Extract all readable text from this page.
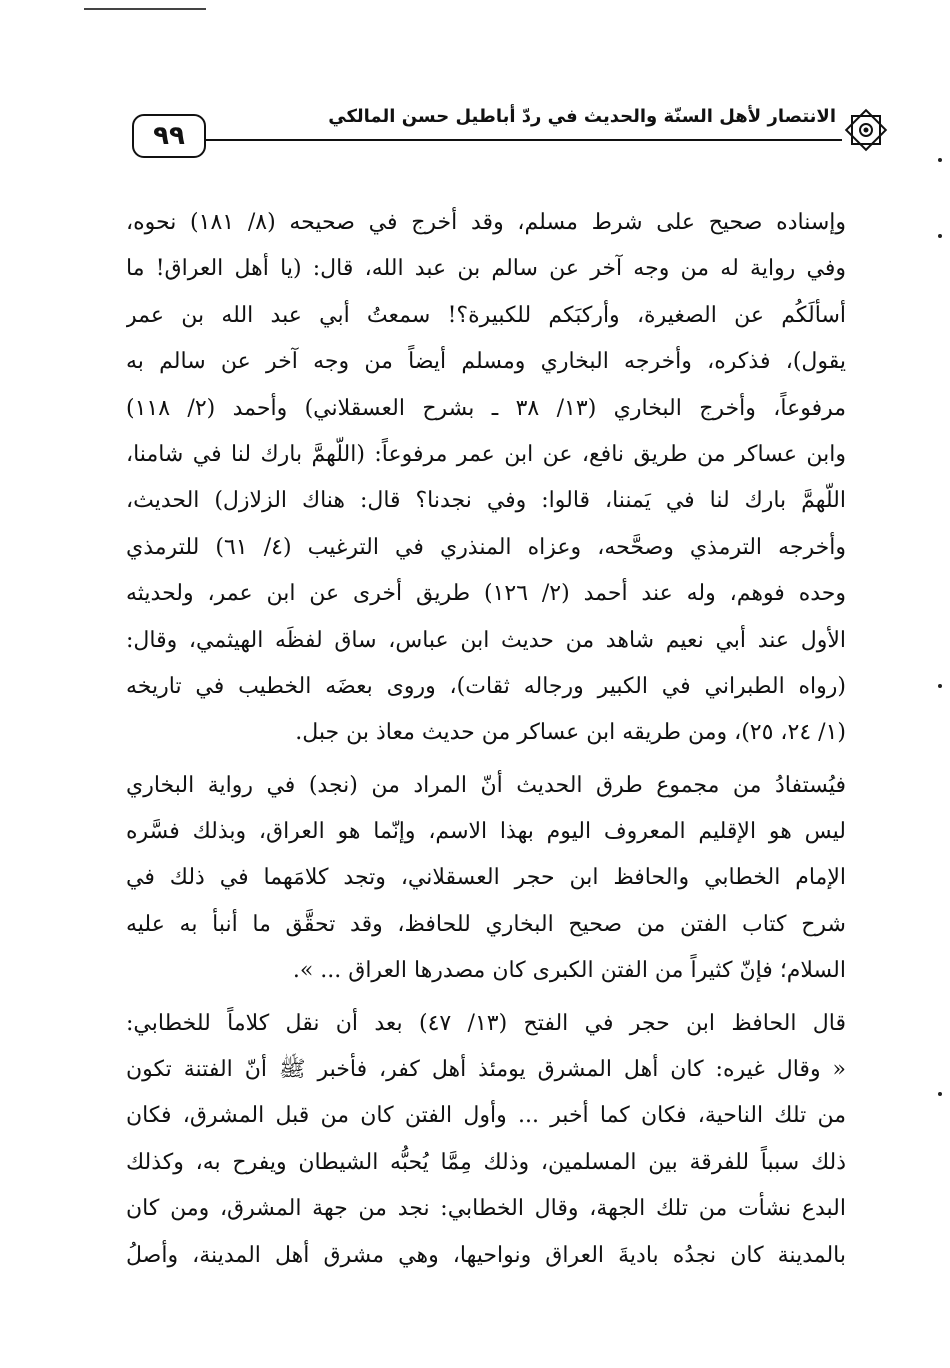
٩٩
الانتصار لأهل السنّة والحديث في ردّ أباطيل حسن المالكي
وإسناده صحيح على شرط مسلم، وقد أخرج في صحيحه (٨/ ١٨١) نحوه،
وفي رواية له من وجه آخر عن سالم بن عبد الله، قال: (يا أهل العراق! ما
أسألَكُم عن الصغيرة، وأركبَكم للكبيرة؟! سمعتُ أبي عبد الله بن عمر
يقول)، فذكره، وأخرجه البخاري ومسلم أيضاً من وجه آخر عن سالم به
مرفوعاً، وأخرج البخاري (١٣/ ٣٨ ـ بشرح العسقلاني) وأحمد (٢/ ١١٨)
وابن عساكر من طريق نافع، عن ابن عمر مرفوعاً: (اللّهمَّ بارك لنا في شامنا،
اللّهمَّ بارك لنا في يَمننا، قالوا: وفي نجدنا؟ قال: هناك الزلازل) الحديث،
وأخرجه الترمذي وصحَّحه، وعزاه المنذري في الترغيب (٤/ ٦١) للترمذي
وحده فوهم، وله عند أحمد (٢/ ١٢٦) طريق أخرى عن ابن عمر، ولحديثه
الأول عند أبي نعيم شاهد من حديث ابن عباس، ساق لفظَه الهيثمي، وقال:
(رواه الطبراني في الكبير ورجاله ثقات)، وروى بعضَه الخطيب في تاريخه
(١/ ٢٤، ٢٥)، ومن طريقه ابن عساكر من حديث معاذ بن جبل.
فيُستفادُ من مجموع طرق الحديث أنّ المراد من (نجد) في رواية البخاري
ليس هو الإقليم المعروف اليوم بهذا الاسم، وإنّما هو العراق، وبذلك فسَّره
الإمام الخطابي والحافظ ابن حجر العسقلاني، وتجد كلامَهما في ذلك في
شرح كتاب الفتن من صحيح البخاري للحافظ، وقد تحقَّق ما أنبأ به عليه
السلام؛ فإنّ كثيراً من الفتن الكبرى كان مصدرها العراق ... ».
قال الحافظ ابن حجر في الفتح (١٣/ ٤٧) بعد أن نقل كلاماً للخطابي:
« وقال غيره: كان أهل المشرق يومئذ أهل كفر، فأخبر ﷺ أنّ الفتنة تكون
من تلك الناحية، فكان كما أخبر ... وأول الفتن كان من قبل المشرق، فكان
ذلك سبباً للفرقة بين المسلمين، وذلك مِمَّا يُحبُّه الشيطان ويفرح به، وكذلك
البدع نشأت من تلك الجهة، وقال الخطابي: نجد من جهة المشرق، ومن كان
بالمدينة كان نجدُه باديةَ العراق ونواحيها، وهي مشرق أهل المدينة، وأصلُ
